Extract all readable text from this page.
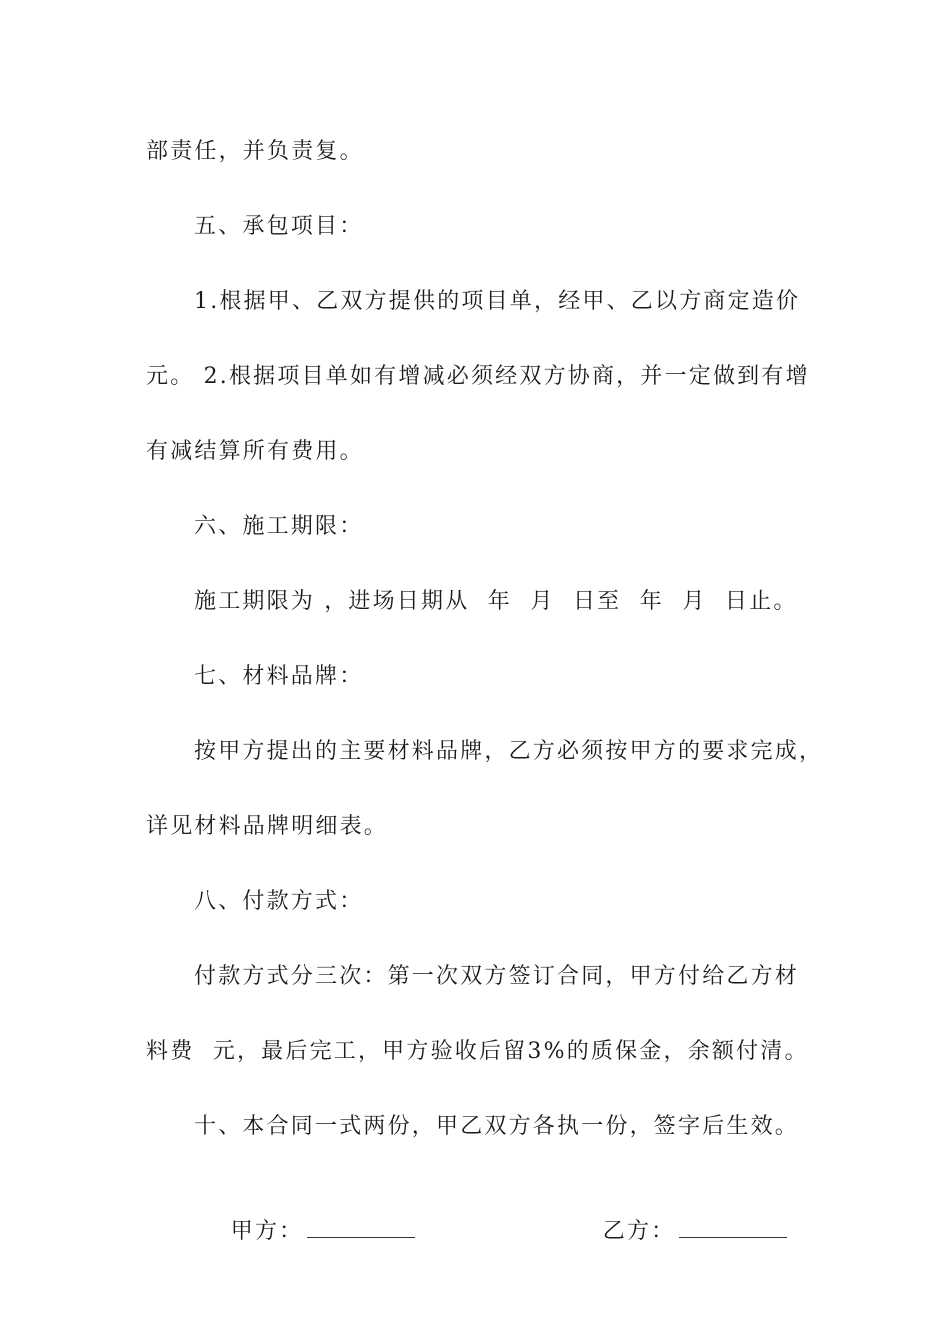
部责任，并负责复。
五、承包项目：
1.根据甲、乙双方提供的项目单，经甲、乙以方商定造价
元。 2.根据项目单如有增减必须经双方协商，并一定做到有增
有减结算所有费用。
六、施工期限：
施工期限为 ，进场日期从  年  月  日至  年  月  日止。
七、材料品牌：
按甲方提出的主要材料品牌，乙方必须按甲方的要求完成，
详见材料品牌明细表。
八、付款方式：
付款方式分三次：第一次双方签订合同，甲方付给乙方材
料费  元，最后完工，甲方验收后留3%的质保金，余额付清。
十、本合同一式两份，甲乙双方各执一份，签字后生效。

甲方：
	乙方：
